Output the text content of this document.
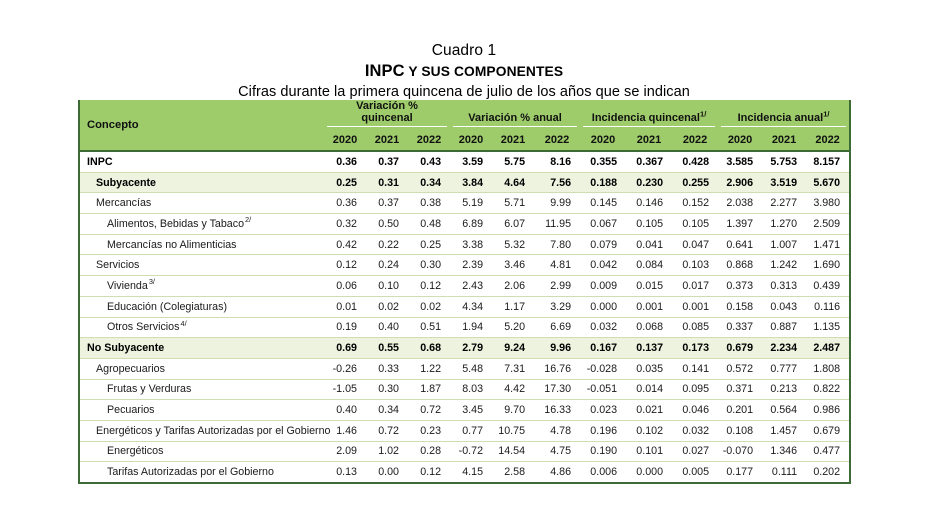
Cuadro 1
INPC Y SUS COMPONENTES
Cifras durante la primera quincena de julio de los años que se indican
Concepto	Variación % quincenal			Variación % anual			Incidencia quincenal$^{1/}$			Incidencia anual$^{1/}$

	2020	2021	2022	2020	2021	2022	2020	2021	2022	2020	2021	2022
INPC	0.36	0.37	0.43	3.59	5.75	8.16	0.355	0.367	0.428	3.585	5.753	8.157
Subyacente	0.25	0.31	0.34	3.84	4.64	7.56	0.188	0.230	0.255	2.906	3.519	5.670
Mercancías	0.36	0.37	0.38	5.19	5.71	9.99	0.145	0.146	0.152	2.038	2.277	3.980
Alimentos, Bebidas y Tabaco$^{2/}$	0.32	0.50	0.48	6.89	6.07	11.95	0.067	0.105	0.105	1.397	1.270	2.509
Mercancías no Alimenticias	0.42	0.22	0.25	3.38	5.32	7.80	0.079	0.041	0.047	0.641	1.007	1.471
Servicios	0.12	0.24	0.30	2.39	3.46	4.81	0.042	0.084	0.103	0.868	1.242	1.690
Vivienda$^{3/}$	0.06	0.10	0.12	2.43	2.06	2.99	0.009	0.015	0.017	0.373	0.313	0.439
Educación (Colegiaturas)	0.01	0.02	0.02	4.34	1.17	3.29	0.000	0.001	0.001	0.158	0.043	0.116
Otros Servicios$^{4/}$	0.19	0.40	0.51	1.94	5.20	6.69	0.032	0.068	0.085	0.337	0.887	1.135
No Subyacente	0.69	0.55	0.68	2.79	9.24	9.96	0.167	0.137	0.173	0.679	2.234	2.487
Agropecuarios	-0.26	0.33	1.22	5.48	7.31	16.76	-0.028	0.035	0.141	0.572	0.777	1.808
Frutas y Verduras	-1.05	0.30	1.87	8.03	4.42	17.30	-0.051	0.014	0.095	0.371	0.213	0.822
Pecuarios	0.40	0.34	0.72	3.45	9.70	16.33	0.023	0.021	0.046	0.201	0.564	0.986
Energéticos y Tarifas Autorizadas por el Gobierno	1.46	0.72	0.23	0.77	10.75	4.78	0.196	0.102	0.032	0.108	1.457	0.679
Energéticos	2.09	1.02	0.28	-0.72	14.54	4.75	0.190	0.101	0.027	-0.070	1.346	0.477
Tarifas Autorizadas por el Gobierno	0.13	0.00	0.12	4.15	2.58	4.86	0.006	0.000	0.005	0.177	0.111	0.202
